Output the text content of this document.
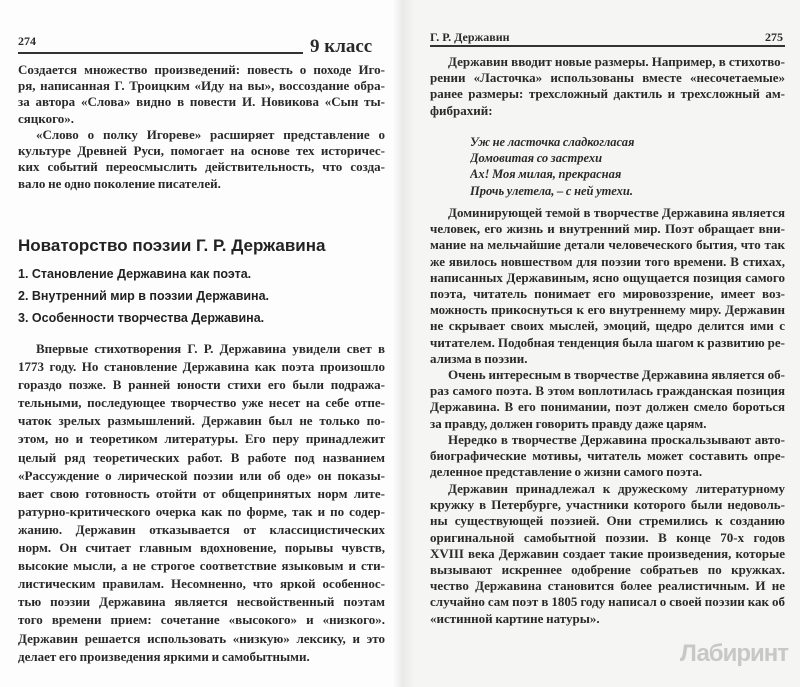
274	9 класс
Создается множество произведений: повесть о походе Иго-
ря, написанная Г. Троицким «Иду на вы», воссоздание обра-
за автора «Слова» видно в повести И. Новикова «Сын ты-
сяцкого».
«Слово о полку Игореве» расширяет представление о
культуре Древней Руси, помогает на основе тех историчес-
ких событий переосмыслить действительность, что созда-
вало не одно поколение писателей.
Новаторство поэзии Г. Р. Державина
1. Становление Державина как поэта.
2. Внутренний мир в поэзии Державина.
3. Особенности творчества Державина.
Впервые стихотворения Г. Р. Державина увидели свет в
1773 году. Но становление Державина как поэта произошло
гораздо позже. В ранней юности стихи его были подража-
тельными, последующее творчество уже несет на себе отпе-
чаток зрелых размышлений. Державин был не только по-
этом, но и теоретиком литературы. Его перу принадлежит
целый ряд теоретических работ. В работе под названием
«Рассуждение о лирической поэзии или об оде» он показы-
вает свою готовность отойти от общепринятых норм лите-
ратурно-критического очерка как по форме, так и по содер-
жанию. Державин отказывается от классицистических
норм. Он считает главным вдохновение, порывы чувств,
высокие мысли, а не строгое соответствие языковым и сти-
листическим правилам. Несомненно, что яркой особеннос-
тью поэзии Державина является несвойственный поэтам
того времени прием: сочетание «высокого» и «низкого».
Державин решается использовать «низкую» лексику, и это
делает его произведения яркими и самобытными.
Г. Р. Державин	275
Державин вводит новые размеры. Например, в стихотво-
рении «Ласточка» использованы вместе «несочетаемые»
ранее размеры: трехсложный дактиль и трехсложный ам-
фибрахий:
Уж не ласточка сладкогласая
Домовитая со застрехи
Ах! Моя милая, прекрасная
Прочь улетела, – с ней утехи.
Доминирующей темой в творчестве Державина является
человек, его жизнь и внутренний мир. Поэт обращает вни-
мание на мельчайшие детали человеческого бытия, что так
же явилось новшеством для поэзии того времени. В стихах,
написанных Державиным, ясно ощущается позиция самого
поэта, читатель понимает его мировоззрение, имеет воз-
можность прикоснуться к его внутреннему миру. Державин
не скрывает своих мыслей, эмоций, щедро делится ими с
читателем. Подобная тенденция была шагом к развитию ре-
ализма в поэзии.
Очень интересным в творчестве Державина является об-
раз самого поэта. В этом воплотилась гражданская позиция
Державина. В его понимании, поэт должен смело бороться
за правду, должен говорить правду даже царям.
Нередко в творчестве Державина проскальзывают авто-
биографические мотивы, читатель может составить опре-
деленное представление о жизни самого поэта.
Державин принадлежал к дружескому литературному
кружку в Петербурге, участники которого были недоволь-
ны существующей поэзией. Они стремились к созданию
оригинальной самобытной поэзии. В конце 70-х годов
XVIII века Державин создает такие произведения, которые
вызывают искреннее одобрение собратьев по кружках.
чество Державина становится более реалистичным. И не
случайно сам поэт в 1805 году написал о своей поэзии как об
«истинной картине натуры».
Лабиринт
